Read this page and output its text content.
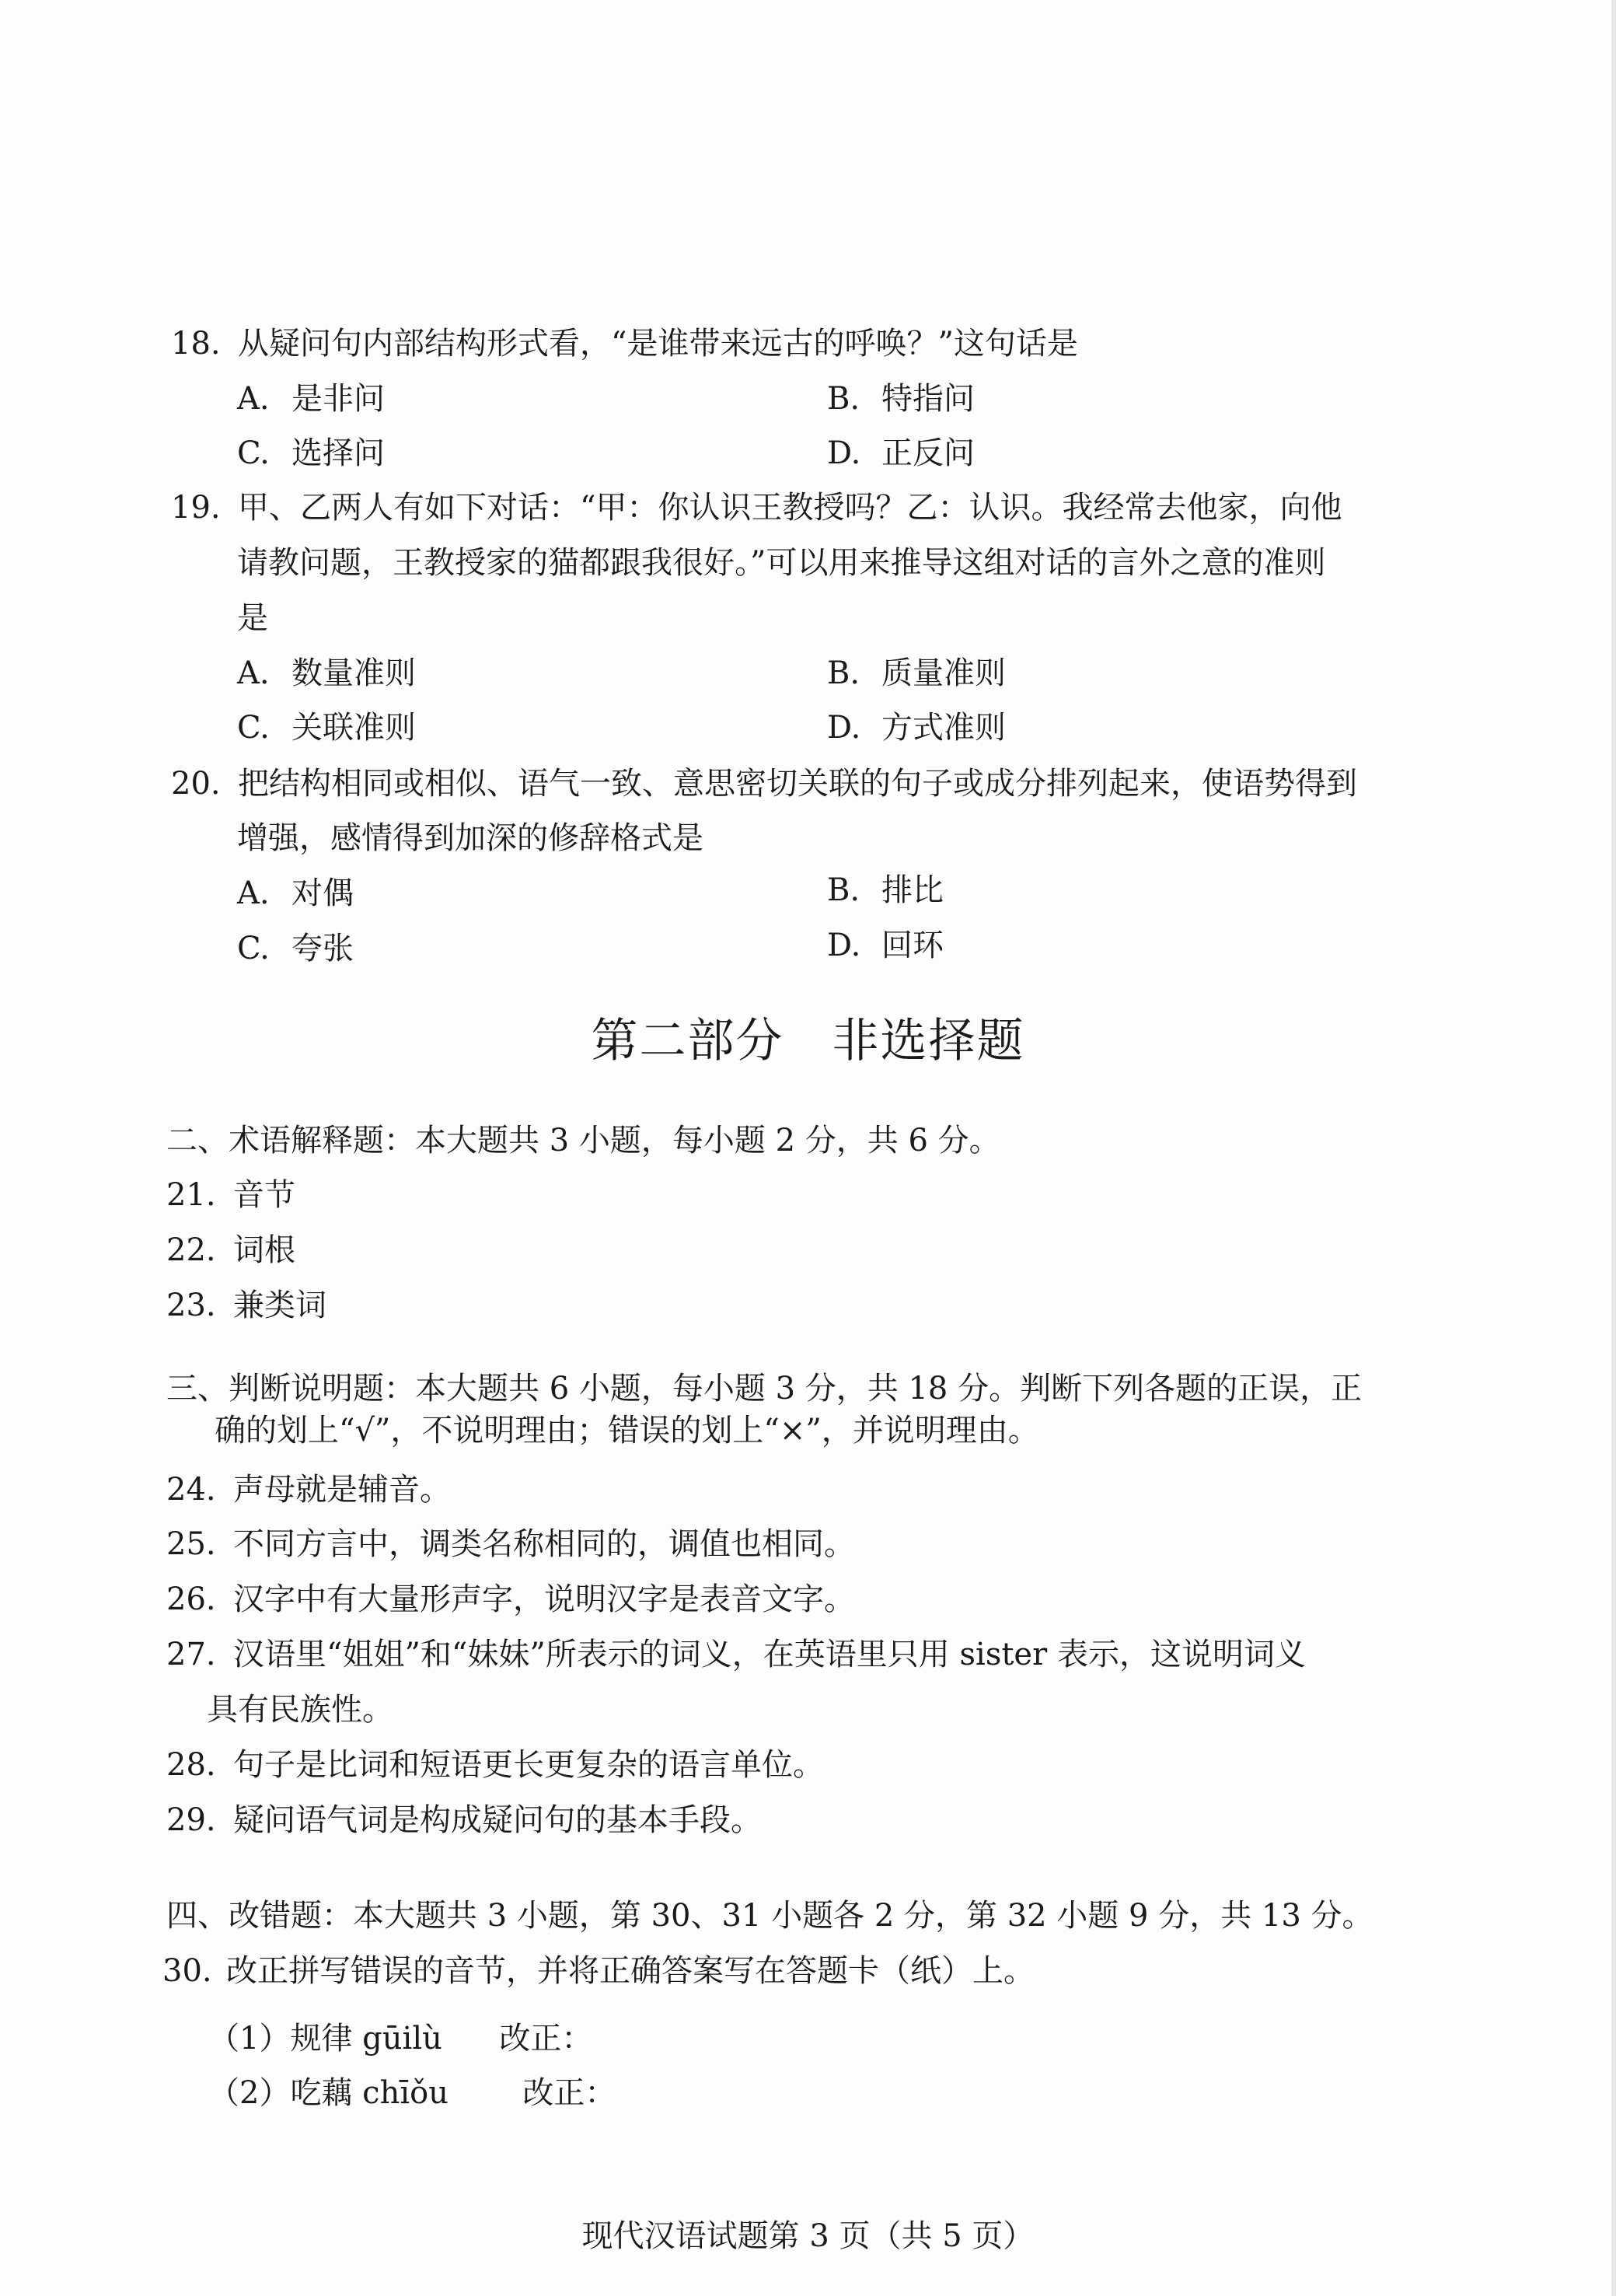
18. 从疑问句内部结构形式看，“是谁带来远古的呼唤？”这句话是
A. 是非问	B. 特指问
C. 选择问	D. 正反问
19. 甲、乙两人有如下对话：“甲：你认识王教授吗？乙：认识。我经常去他家，向他
请教问题，王教授家的猫都跟我很好。”可以用来推导这组对话的言外之意的准则
是
A. 数量准则	B. 质量准则
C. 关联准则	D. 方式准则
20. 把结构相同或相似、语气一致、意思密切关联的句子或成分排列起来，使语势得到
增强，感情得到加深的修辞格式是
A. 对偶	B. 排比
C. 夸张	D. 回环
第二部分　非选择题
二、术语解释题：本大题共 3 小题，每小题 2 分，共 6 分。
21. 音节
22. 词根
23. 兼类词
三、判断说明题：本大题共 6 小题，每小题 3 分，共 18 分。判断下列各题的正误，正
确的划上“√”，不说明理由；错误的划上“×”，并说明理由。
24. 声母就是辅音。
25. 不同方言中，调类名称相同的，调值也相同。
26. 汉字中有大量形声字，说明汉字是表音文字。
27. 汉语里“姐姐”和“妹妹”所表示的词义，在英语里只用 sister 表示，这说明词义
具有民族性。
28. 句子是比词和短语更长更复杂的语言单位。
29. 疑问语气词是构成疑问句的基本手段。
四、改错题：本大题共 3 小题，第 30、31 小题各 2 分，第 32 小题 9 分，共 13 分。
30. 改正拼写错误的音节，并将正确答案写在答题卡（纸）上。
（1）规律 gūilù 改正：
（2）吃藕 chīǒu 改正：
现代汉语试题第 3 页（共 5 页）
